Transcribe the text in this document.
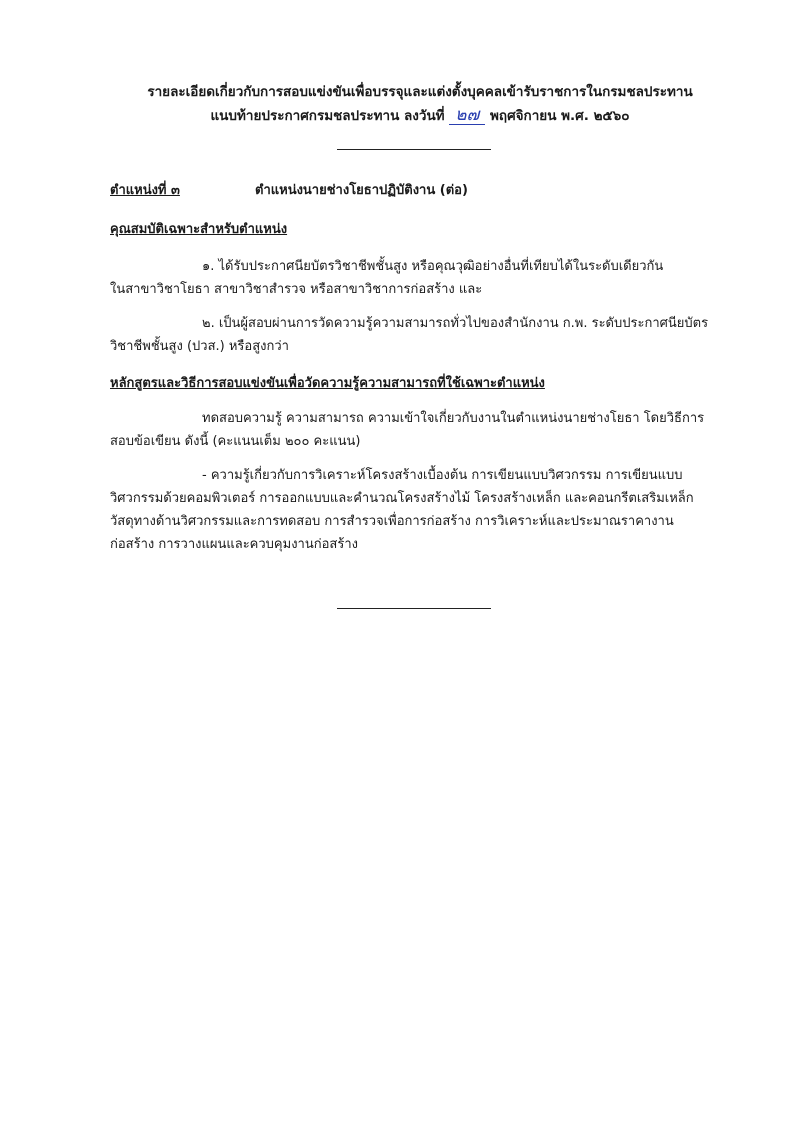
รายละเอียดเกี่ยวกับการสอบแข่งขันเพื่อบรรจุและแต่งตั้งบุคคลเข้ารับราชการในกรมชลประทาน
แนบท้ายประกาศกรมชลประทาน ลงวันที่ ๒๗ พฤศจิกายน พ.ศ. ๒๕๖๐
ตำแหน่งที่ ๓	ตำแหน่งนายช่างโยธาปฏิบัติงาน (ต่อ)
คุณสมบัติเฉพาะสำหรับตำแหน่ง
๑. ได้รับประกาศนียบัตรวิชาชีพชั้นสูง หรือคุณวุฒิอย่างอื่นที่เทียบได้ในระดับเดียวกัน
ในสาขาวิชาโยธา สาขาวิชาสำรวจ หรือสาขาวิชาการก่อสร้าง และ
๒. เป็นผู้สอบผ่านการวัดความรู้ความสามารถทั่วไปของสำนักงาน ก.พ. ระดับประกาศนียบัตร
วิชาชีพชั้นสูง (ปวส.) หรือสูงกว่า
หลักสูตรและวิธีการสอบแข่งขันเพื่อวัดความรู้ความสามารถที่ใช้เฉพาะตำแหน่ง
ทดสอบความรู้ ความสามารถ ความเข้าใจเกี่ยวกับงานในตำแหน่งนายช่างโยธา โดยวิธีการ
สอบข้อเขียน ดังนี้ (คะแนนเต็ม ๒๐๐ คะแนน)
- ความรู้เกี่ยวกับการวิเคราะห์โครงสร้างเบื้องต้น การเขียนแบบวิศวกรรม การเขียนแบบ
วิศวกรรมด้วยคอมพิวเตอร์ การออกแบบและคำนวณโครงสร้างไม้ โครงสร้างเหล็ก และคอนกรีตเสริมเหล็ก
วัสดุทางด้านวิศวกรรมและการทดสอบ การสำรวจเพื่อการก่อสร้าง การวิเคราะห์และประมาณราคางาน
ก่อสร้าง การวางแผนและควบคุมงานก่อสร้าง
